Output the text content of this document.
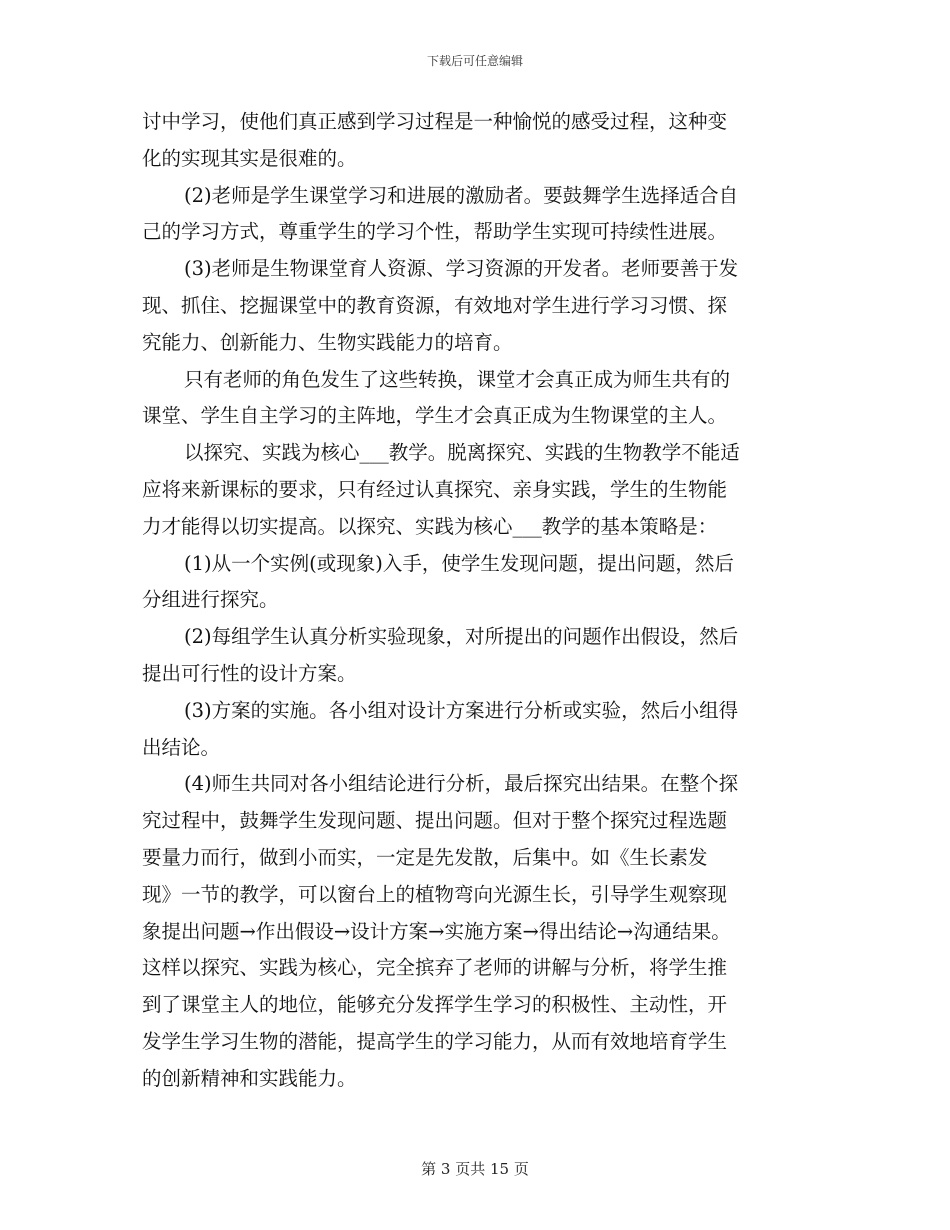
下载后可任意编辑
讨中学习，使他们真正感到学习过程是一种愉悦的感受过程，这种变
化的实现其实是很难的。
(2)老师是学生课堂学习和进展的激励者。要鼓舞学生选择适合自
己的学习方式，尊重学生的学习个性，帮助学生实现可持续性进展。
(3)老师是生物课堂育人资源、学习资源的开发者。老师要善于发
现、抓住、挖掘课堂中的教育资源，有效地对学生进行学习习惯、探
究能力、创新能力、生物实践能力的培育。
只有老师的角色发生了这些转换，课堂才会真正成为师生共有的
课堂、学生自主学习的主阵地，学生才会真正成为生物课堂的主人。
以探究、实践为核心___教学。脱离探究、实践的生物教学不能适
应将来新课标的要求，只有经过认真探究、亲身实践，学生的生物能
力才能得以切实提高。以探究、实践为核心___教学的基本策略是：
(1)从一个实例(或现象)入手，使学生发现问题，提出问题，然后
分组进行探究。
(2)每组学生认真分析实验现象，对所提出的问题作出假设，然后
提出可行性的设计方案。
(3)方案的实施。各小组对设计方案进行分析或实验，然后小组得
出结论。
(4)师生共同对各小组结论进行分析，最后探究出结果。在整个探
究过程中，鼓舞学生发现问题、提出问题。但对于整个探究过程选题
要量力而行，做到小而实，一定是先发散，后集中。如《生长素发
现》一节的教学，可以窗台上的植物弯向光源生长，引导学生观察现
象提出问题→作出假设→设计方案→实施方案→得出结论→沟通结果。
这样以探究、实践为核心，完全摈弃了老师的讲解与分析，将学生推
到了课堂主人的地位，能够充分发挥学生学习的积极性、主动性，开
发学生学习生物的潜能，提高学生的学习能力，从而有效地培育学生
的创新精神和实践能力。
第 3 页共 15 页
